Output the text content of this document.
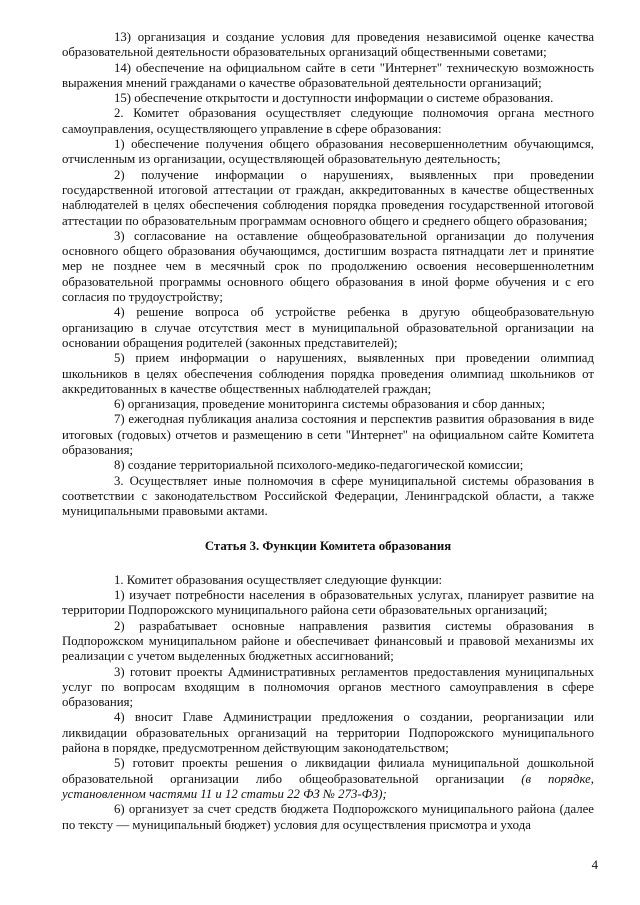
13) организация и создание условия для проведения независимой оценке качества образовательной деятельности образовательных организаций общественными советами;

14) обеспечение на официальном сайте в сети "Интернет" техническую возможность выражения мнений гражданами о качестве образовательной деятельности организаций;

15) обеспечение открытости и доступности информации о системе образования.

2. Комитет образования осуществляет следующие полномочия органа местного самоуправления, осуществляющего управление в сфере образования:

1) обеспечение получения общего образования несовершеннолетним обучающимся, отчисленным из организации, осуществляющей образовательную деятельность;

2) получение информации о нарушениях, выявленных при проведении государственной итоговой аттестации от граждан, аккредитованных в качестве общественных наблюдателей в целях обеспечения соблюдения порядка проведения государственной итоговой аттестации по образовательным программам основного общего и среднего общего образования;

3) согласование на оставление общеобразовательной организации до получения основного общего образования обучающимся, достигшим возраста пятнадцати лет и принятие мер не позднее чем в месячный срок по продолжению освоения несовершеннолетним образовательной программы основного общего образования в иной форме обучения и с его согласия по трудоустройству;

4) решение вопроса об устройстве ребенка в другую общеобразовательную организацию в случае отсутствия мест в муниципальной образовательной организации на основании обращения родителей (законных представителей);

5) прием информации о нарушениях, выявленных при проведении олимпиад школьников в целях обеспечения соблюдения порядка проведения олимпиад школьников от аккредитованных в качестве общественных наблюдателей граждан;

6) организация, проведение мониторинга системы образования и сбор данных;

7) ежегодная публикация анализа состояния и перспектив развития образования в виде итоговых (годовых) отчетов и размещению в сети "Интернет" на официальном сайте Комитета образования;

8) создание территориальной психолого-медико-педагогической комиссии;

3. Осуществляет иные полномочия в сфере муниципальной системы образования в соответствии с законодательством Российской Федерации, Ленинградской области, а также муниципальными правовыми актами.

Статья 3. Функции Комитета образования

1. Комитет образования осуществляет следующие функции:

1) изучает потребности населения в образовательных услугах, планирует развитие на территории Подпорожского муниципального района сети образовательных организаций;

2) разрабатывает основные направления развития системы образования в Подпорожском муниципальном районе и обеспечивает финансовый и правовой механизмы их реализации с учетом выделенных бюджетных ассигнований;

3) готовит проекты Административных регламентов предоставления муниципальных услуг по вопросам входящим в полномочия органов местного самоуправления в сфере образования;

4) вносит Главе Администрации предложения о создании, реорганизации или ликвидации образовательных организаций на территории Подпорожского муниципального района в порядке, предусмотренном действующим законодательством;

5) готовит проекты решения о ликвидации филиала муниципальной дошкольной образовательной организации либо общеобразовательной организации (в порядке, установленном частями 11 и 12 статьи 22 ФЗ № 273-ФЗ);

6) организует за счет средств бюджета Подпорожского муниципального района (далее по тексту — муниципальный бюджет) условия для осуществления присмотра и ухода

4
